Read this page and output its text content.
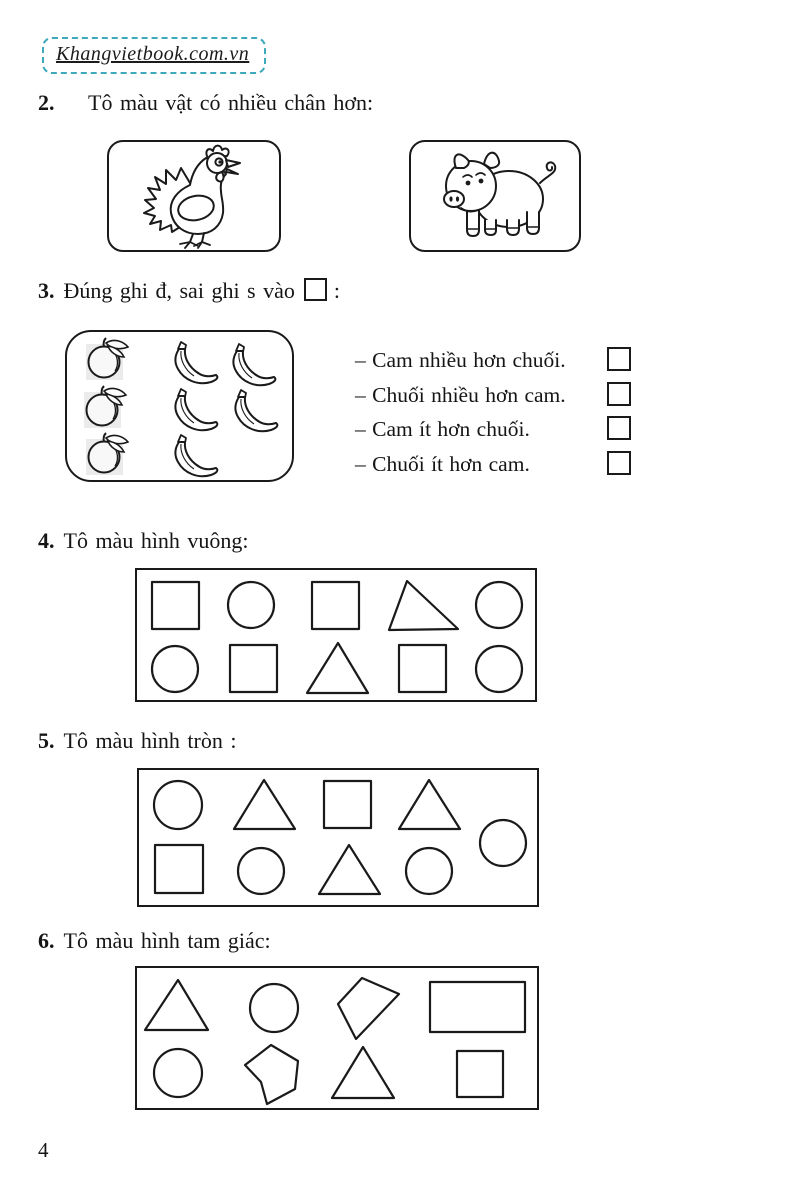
Khangvietbook.com.vn
2. Tô màu vật có nhiều chân hơn:
3. Đúng ghi đ, sai ghi s vào :
– Cam nhiều hơn chuối.
– Chuối nhiều hơn cam.
– Cam ít hơn chuối.
– Chuối ít hơn cam.
4. Tô màu hình vuông:
5. Tô màu hình tròn :
6. Tô màu hình tam giác:
4
